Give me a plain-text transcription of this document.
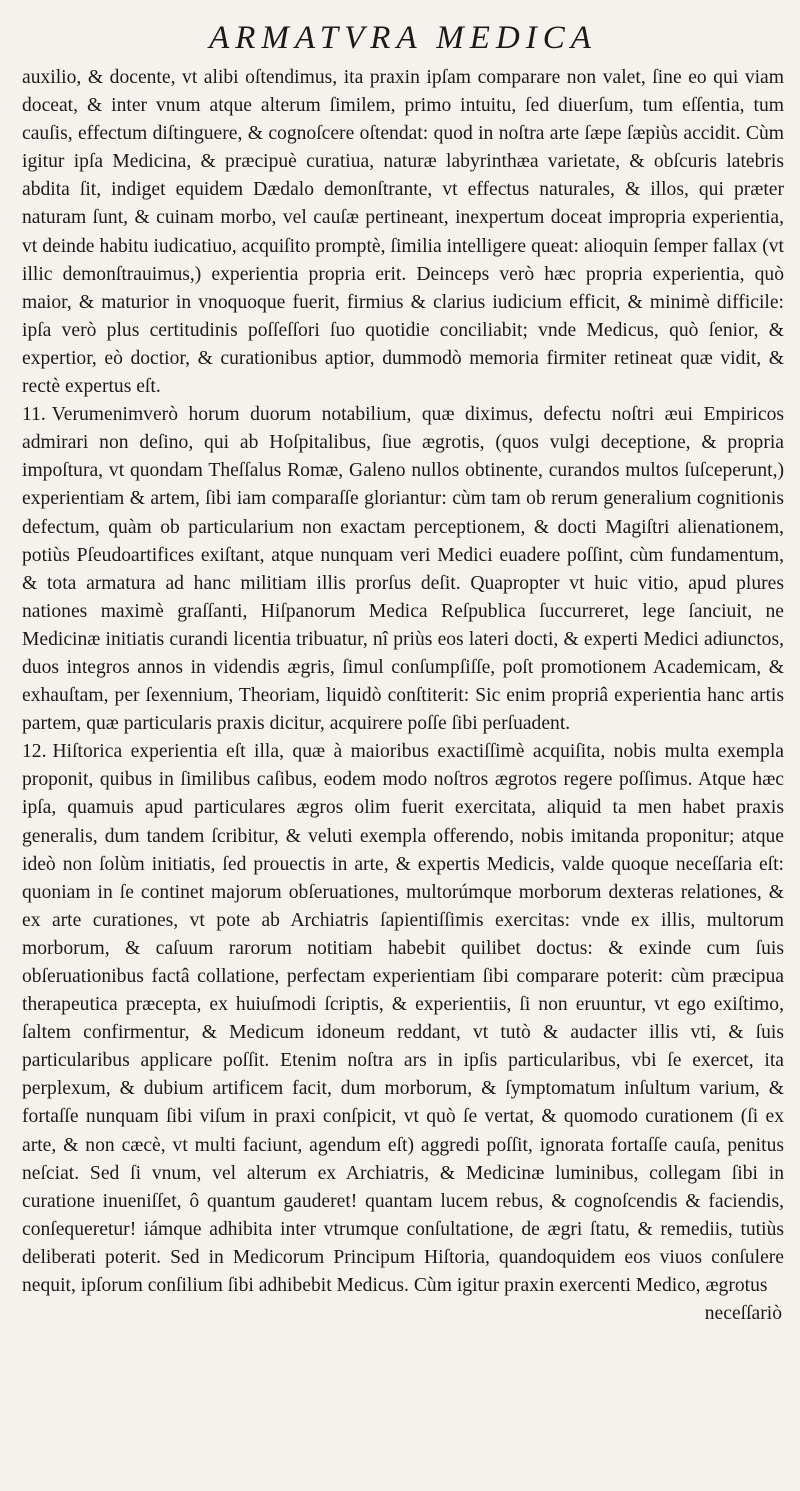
ARMATVRA MEDICA

auxilio, & docente, vt alibi oſtendimus, ita praxin ipſam comparare non valet, ſine eo qui viam doceat, & inter vnum atque alterum ſimilem, primo intuitu, ſed diuerſum, tum eſſentia, tum cauſis, effectum diſtinguere, & cognoſcere oſtendat: quod in noſtra arte ſæpe ſæpiùs accidit. Cùm igitur ipſa Medicina, & præcipuè curatiua, naturæ labyrinthæa varietate, & obſcuris latebris abdita ſit, indiget equidem Dædalo demonſtrante, vt effectus naturales, & illos, qui præter naturam ſunt, & cuinam morbo, vel cauſæ pertineant, inexpertum doceat impropria experientia, vt deinde habitu iudicatiuo, acquiſito promptè, ſimilia intelligere queat: alioquin ſemper fallax (vt illic demonſtrauimus,) experientia propria erit. Deinceps verò hæc propria experientia, quò maior, & maturior in vnoquoque fuerit, firmius & clarius iudicium efficit, & minimè difficile: ipſa verò plus certitudinis poſſeſſori ſuo quotidie conciliabit; vnde Medicus, quò ſenior, & expertior, eò doctior, & curationibus aptior, dummodò memoria firmiter retineat quæ vidit, & rectè expertus eſt.

11. Verumenimverò horum duorum notabilium, quæ diximus, defectu noſtri æui Empiricos admirari non deſino, qui ab Hoſpitalibus, ſiue ægrotis, (quos vulgi deceptione, & propria impoſtura, vt quondam Theſſalus Romæ, Galeno nullos obtinente, curandos multos ſuſceperunt,) experientiam & artem, ſibi iam comparaſſe gloriantur: cùm tam ob rerum generalium cognitionis defectum, quàm ob particularium non exactam perceptionem, & docti Magiſtri alienationem, potiùs Pſeudoartifices exiſtant, atque nunquam veri Medici euadere poſſint, cùm fundamentum, & tota armatura ad hanc militiam illis prorſus deſit. Quapropter vt huic vitio, apud plures nationes maximè graſſanti, Hiſpanorum Medica Reſpublica ſuccurreret, lege ſanciuit, ne Medicinæ initiatis curandi licentia tribuatur, nî priùs eos lateri docti, & experti Medici adiunctos, duos integros annos in videndis ægris, ſimul conſumpſiſſe, poſt promotionem Academicam, & exhauſtam, per ſexennium, Theoriam, liquidò conſtiterit: Sic enim propriâ experientia hanc artis partem, quæ particularis praxis dicitur, acquirere poſſe ſibi perſuadent.

12. Hiſtorica experientia eſt illa, quæ à maioribus exactiſſimè acquiſita, nobis multa exempla proponit, quibus in ſimilibus caſibus, eodem modo noſtros ægrotos regere poſſimus. Atque hæc ipſa, quamuis apud particulares ægros olim fuerit exercitata, aliquid ta men habet praxis generalis, dum tandem ſcribitur, & veluti exempla offerendo, nobis imitanda proponitur; atque ideò non ſolùm initiatis, ſed prouectis in arte, & expertis Medicis, valde quoque neceſſaria eſt: quoniam in ſe continet majorum obſeruationes, multorúmque morborum dexteras relationes, & ex arte curationes, vt pote ab Archiatris ſapientiſſimis exercitas: vnde ex illis, multorum morborum, & caſuum rarorum notitiam habebit quilibet doctus: & exinde cum ſuis obſeruationibus factâ collatione, perfectam experientiam ſibi comparare poterit: cùm præcipua therapeutica præcepta, ex huiuſmodi ſcriptis, & experientiis, ſi non eruuntur, vt ego exiſtimo, ſaltem confirmentur, & Medicum idoneum reddant, vt tutò & audacter illis vti, & ſuis particularibus applicare poſſit. Etenim noſtra ars in ipſis particularibus, vbi ſe exercet, ita perplexum, & dubium artificem facit, dum morborum, & ſymptomatum inſultum varium, & fortaſſe nunquam ſibi viſum in praxi conſpicit, vt quò ſe vertat, & quomodo curationem (ſi ex arte, & non cæcè, vt multi faciunt, agendum eſt) aggredi poſſit, ignorata fortaſſe cauſa, penitus neſciat. Sed ſi vnum, vel alterum ex Archiatris, & Medicinæ luminibus, collegam ſibi in curatione inueniſſet, ô quantum gauderet! quantam lucem rebus, & cognoſcendis & faciendis, conſequeretur! iámque adhibita inter vtrumque conſultatione, de ægri ſtatu, & remediis, tutiùs deliberati poterit. Sed in Medicorum Principum Hiſtoria, quandoquidem eos viuos conſulere nequit, ipſorum conſilium ſibi adhibebit Medicus. Cùm igitur praxin exercenti Medico, ægrotus

neceſſariò
